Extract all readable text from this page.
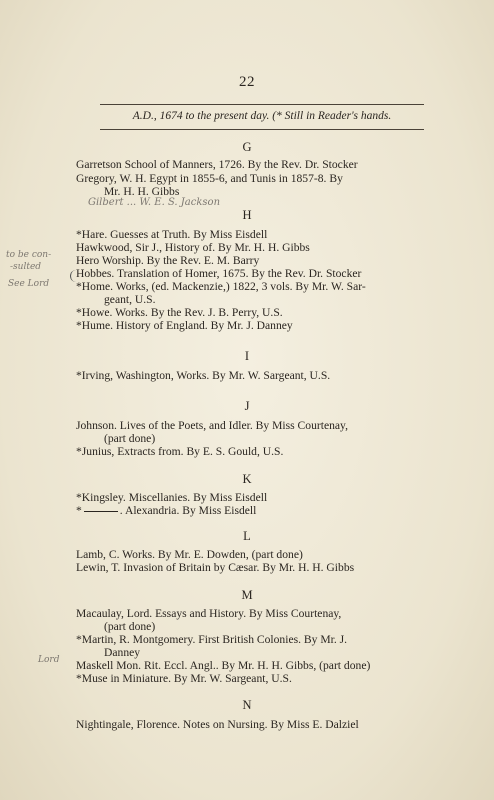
22
A.D., 1674 to the present day. (* Still in Reader's hands.
G
Garretson School of Manners, 1726. By the Rev. Dr. Stocker
Gregory, W. H. Egypt in 1855-6, and Tunis in 1857-8. By
Mr. H. H. Gibbs
Gilbert ... W. E. S. Jackson
H
*Hare. Guesses at Truth. By Miss Eisdell
Hawkwood, Sir J., History of. By Mr. H. H. Gibbs
Hero Worship. By the Rev. E. M. Barry
Hobbes. Translation of Homer, 1675. By the Rev. Dr. Stocker
*Home. Works, (ed. Mackenzie,) 1822, 3 vols. By Mr. W. Sar-
geant, U.S.
*Howe. Works. By the Rev. J. B. Perry, U.S.
*Hume. History of England. By Mr. J. Danney
to be con-
-sulted
See Lord
I
*Irving, Washington, Works. By Mr. W. Sargeant, U.S.
J
Johnson. Lives of the Poets, and Idler. By Miss Courtenay,
(part done)
*Junius, Extracts from. By E. S. Gould, U.S.
K
*Kingsley. Miscellanies. By Miss Eisdell
*	. Alexandria. By Miss Eisdell
L
Lamb, C. Works. By Mr. E. Dowden, (part done)
Lewin, T. Invasion of Britain by Cæsar. By Mr. H. H. Gibbs
M
Macaulay, Lord. Essays and History. By Miss Courtenay,
(part done)
*Martin, R. Montgomery. First British Colonies. By Mr. J.
Danney
Maskell Mon. Rit. Eccl. Angl.. By Mr. H. H. Gibbs, (part done)
*Muse in Miniature. By Mr. W. Sargeant, U.S.
Lord
N
Nightingale, Florence. Notes on Nursing. By Miss E. Dalziel
